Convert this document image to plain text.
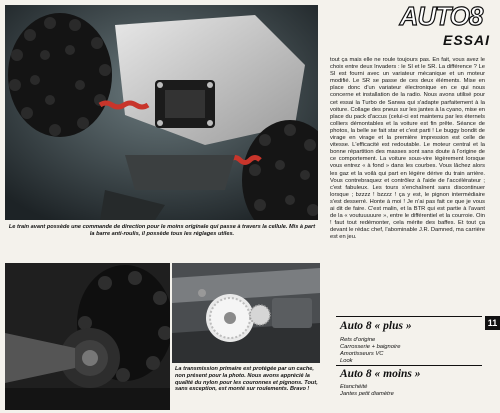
Le train avant possède une commande de direction pour le moins originale qui passe à travers la cellule. Mis à part la barre anti-roulis, il possède tous les réglages utiles.

La transmission primaire est protégée par un cache, non présent pour la photo. Nous avons apprécié la qualité du nylon pour les couronnes et pignons. Tout, sans exception, est monté sur roulements. Bravo !

AUTO8
ESSAI

tout ça mais elle ne roule toujours pas. En fait, vous avez le choix entre deux Invaders : le SI et le SR. La différence ? Le SI est fourni avec un variateur mécanique et un moteur modifié. Le SR se passe de ces deux éléments. Mise en place donc d'un variateur électronique en ce qui nous concerne et installation de la radio. Nous avons utilisé pour cet essai la Turbo de Sanwa qui s'adapte parfaitement à la voiture. Collage des pneus sur les jantes à la cyano, mise en place du pack d'accus (celui-ci est maintenu par les éternels colliers démontables et la voiture est fin prête. Séance de photos, la belle se fait star et c'est parti ! Le buggy bondit de virage en virage et la première impression est celle de vitesse. L'efficacité est redoutable. Le moteur central et la bonne répartition des masses sont sans doute à l'origine de ce comportement. La voiture sous-vire légèrement lorsque vous entrez « à fond » dans les courbes. Vous lâchez alors les gaz et la voilà qui part en légère dérive du train arrière. Vous contrebraquez et contrôlez à l'aide de l'accélérateur ; c'est fabuleux. Les tours s'enchaînent sans discontinuer lorsque ; bzzzz ! bzzzz ! ça y est, le pignon intermédiaire s'est desserré. Honte à moi ! Je n'ai pas fait ce que je vous ai dit de faire. C'est malin, et la BTR qui est partie à l'avant de la « voutuuuuure », entre le différentiel et la courroie. Oin ! faut tout redémonter, cela mérite des baffes. Et tout ça devant le rédac chef, l'abominable J.R. Damned, ma carrière est en jeu.

Auto 8 « plus »
Rets d'origine
Carrosserie + baignoire
Amortisseurs VC
Look
Auto 8 « moins »
Etanchéité
Jantes petit diamètre
11
